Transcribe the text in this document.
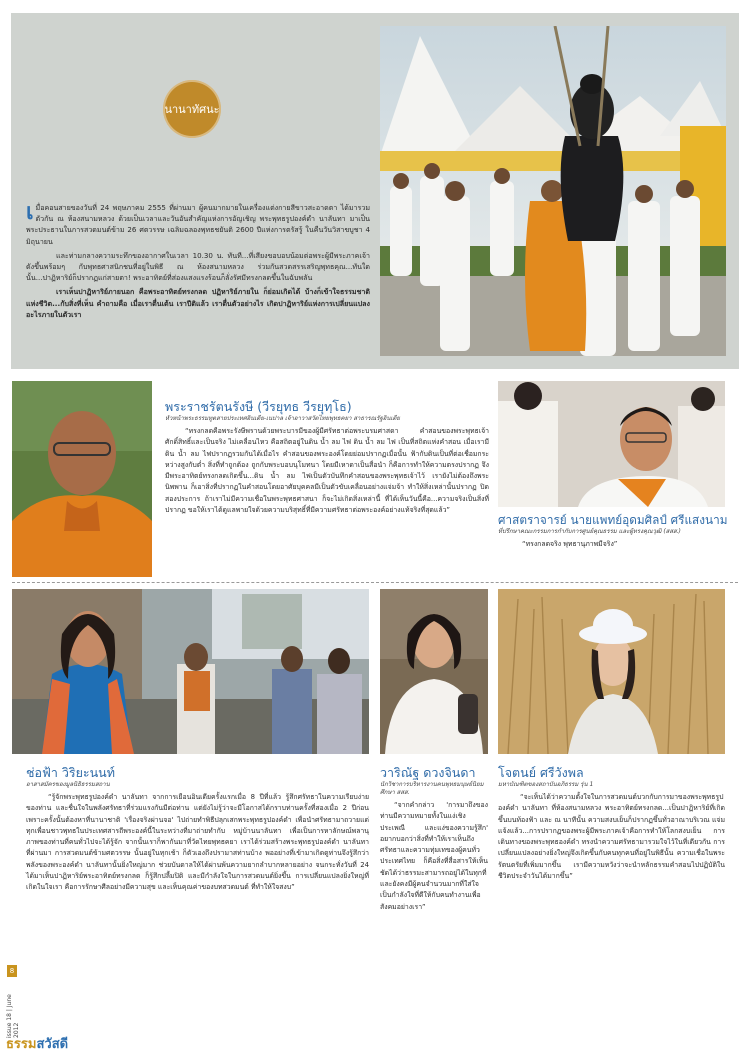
นานาทัศนะ

เมื่อคอนสายของวันที่ 24 พฤษภาคม 2555 ที่ผ่านมา ผู้คนมากมายในเครื่องแต่งกายสีขาวสะอาดตา ได้มารวมตัวกัน ณ ห้องสนามหลวง ด้วยเป็นเวลาและวันอันสำคัญแห่งการอัญเชิญ พระพุทธรูปองค์ดำ นาลันทา มาเป็นพระประธานในการสวดมนต์ข้าม 26 ศตวรรษ เฉลิมฉลองพุทธชยันติ 2600 ปีแห่งการตรัสรู้ ในคืนวันวิสาขบูชา 4 มิถุนายน

และท่ามกลางความระทึกของอากาศในเวลา 10.30 น. ทันที...ที่เสียงขอบอบน้อมต่อพระผู้มีพระภาคเจ้าดังขึ้นพร้อมๆ กับพุทธศาสนิกชนที่อยู่ในพิธี ณ ห้องสนามหลวง ร่วมกันสวดสรรเสริญพุทธคุณ...ทันใดนั้น...ปาฏิหาริย์ก็ปรากฏแก่สายตา! พระอาทิตย์ที่ส่องแสงแรงร้อนก็ลั่งรัศมีทรงกลดขึ้นในฉับพลัน

เราเห็นปาฏิหาริย์ภายนอก คือพระอาทิตย์ทรงกลด ปฏิหาริย์ภายใน ก็ย่อมเกิดได้ บ้างก็เข้าใจธรรมชาติแห่งชีวิต...กับสิ่งที่เห็น คำถามคือ เมื่อเราตื่นเต้น เราปีติแล้ว เราตื่นตัวอย่างไร เกิดปาฏิหาริย์แห่งการเปลี่ยนแปลงอะไรภายในตัวเรา

พระราชรัตนรังษี (วีรยุทธ วีรยุทฺโธ)
หัวหน้าพระธรรมทูตสายประเทศอินเดีย-เนปาล เจ้าอาวาสวัดไทยพุทธคยา สาธารณรัฐอินเดีย

“ทรงกลดคือพระรังษีพรานด้วยพระบารมีของผู้มีศรัทธาต่อพระบรมศาสดา คำสอนของพระพุทธเจ้าศักดิ์สิทธิ์และเป็นจริง ไม่เคลื่อนไหว คือสถิตอยู่ในดิน น้ำ ลม ไฟ ดิน น้ำ ลม ไฟ เป็นที่สถิตแห่งคำสอน เมื่อเรามีดิน น้ำ ลม ไฟปรากฏรวมกันได้เมื่อไร คำสอนของพระองค์โดยย่อมปรากฏเมื่อนั้น ฟ้ากับดินเป็นที่ต่อเชื่อมกระหว่างสูงกับต่ำ สิ่งที่ทำถูกต้อง ถูกกับพระบอบนุโมทนา โดยมีเหาดาเป็นสื่อนำ ก็คือการทำให้ความตรงปรากฏ จึงมีพระอาทิตย์ทรงกลดเกิดขึ้น...ดิน น้ำ ลม ไฟเป็นตัวบันทึกคำสอนของพระพุทธเจ้าไว้ เรายังไม่ต้องถึงพระนิพพาน ก็เอาสิ่งที่ปรากฏในคำสอนโดยอาศัยบุคคลมีเป็นตัวขับเคลื่อนอย่างแจ่มจ้า ทำให้สิ่งเหล่านั้นปรากฏ ปิดสองประการ ถ้าเราไม่มีความเชื่อในพระพุทธศาสนา ก็จะไม่เกิดสิ่งเหล่านี้ ที่ได้เห็นวันนี้คือ...ความจริงเป็นสิ่งที่ปรากฏ ขอให้เราได้ดูแลพายใจด้วยความบริสุทธิ์ที่มีความศรัทธาต่อพระองค์อย่างแท้จริงที่สุดแล้ว”

ศาสตราจารย์ นายแพทย์อุดมศิลป์ ศรีแสงนาม
ที่ปรึกษาคณะกรรมการกำกับการศูนย์คุณธรรม และผู้ทรงคุณวุฒิ (สสส.)

“ทรงกลดจริง พุทธานุภาพมีจริง”

ช่อฟ้า วิริยะนนท์
อาสาสมัครของมูลนิธิธรรมสถาน

“รู้จักพระพุทธรูปองค์ดำ นาลันทา จากการเยือนอินเดียครั้งแรกเมื่อ 8 ปีที่แล้ว รู้สึกศรัทธาในความเรียบง่ายของท่าน และชื่นใจในพลังศรัทธาที่ร่วมแรงกันมีต่อท่าน แต่ยังไม่รู้ว่าจะมีโอกาสได้กราบท่านครั้งที่สองเมื่อ 2 ปีก่อน เพราะครั้งนั้นต้องหาที่นานาชาติ 'เรื่องจริงผ่านจอ' ไปถ่ายทำพิธีปลุกเสกพระพุทธรูปองค์ดำ เพื่อนำศรัทธามาถวายแด่ทุกเพื่อนชาวพุทธในประเทศสารถีพระองค์นี้ในระหว่างที่มาถ่ายทำกับ หมู่บ้านนาลันทา เพื่อเป็นการหาลักษณ์พลานุภาพของท่านที่คนทั่วไปจะได้รู้จัก จากนั้นเราก็พากันมาที่วัดไทยพุทธคยา เราได้ร่วมสร้างพระพุทธรูปองค์ดำ นาลันทา ที่ผ่านมา การสวดมนต์ข้ามศตวรรษ นั้นอยู่ในทุกเช้า ก็ตัวเองถึงปรามาสท่านบ้าง พออย่างที่เข้ามาเกิดดูท่านจึงรู้สึกว่า พลังของพระองค์ดำ นาลันทานั้นยิ่งใหญ่มาก ช่วยบันดาลให้ได้ผ่านพ้นความยากลำบากหลายอย่าง จนกระทั่งวันที่ 24 ได้มาเห็นปาฏิหาริย์พระอาทิตย์ทรงกลด ก็รู้สึกปลื้มปิติ และมีกำลังใจในการสวดมนต์ยิ่งขึ้น การเปลี่ยนแปลงยิ่งใหญ่ที่เกิดในใจเรา คือการรักษาศีลอย่างมีความสุข และเห็นคุณค่าของบทสวดมนต์ ที่ทำให้ใจสงบ”

วาริณัฐ ดวงจินดา
นักวิชาการบริหารงานคนพุทธมนุษย์นิยมศึกษา สสส.

“จากคำกล่าว 'การมาถึงของท่านมีความหมายทั้งในแง่เชิงประเพณี และแง่ของความรู้สึก' อยากบอกว่าสิ่งที่ทำให้เราเห็นถึงศรัทธาและความทุ่มเทของผู้คนทั่วประเทศไทย ก็คือสิ่งที่สื่อสารให้เห็นชัดได้ว่าธรรมะสามารถอยู่ได้ในทุกที่ และยังคงมีผู้คนจำนวนมากที่ใส่ใจ เป็นกำลังใจที่ดีให้กับคนทำงานเพื่อสังคมอย่างเรา”

โจตนย์ ศรีวังพล
มหาบัณฑิตของสถาบันอภิธรรม รุ่น 1

“จะเห็นได้ว่าความตั้งใจในการสวดมนต์บวกกับการมาของพระพุทธรูปองค์ดำ นาลันทา ที่ห้องสนามหลวง พระอาทิตย์ทรงกลด...เป็นปาฏิหาริย์ที่เกิดขึ้นบนท้องฟ้า และ ณ นาทีนั้น ความสงบเย็นก็ปรากฏขึ้นทั่วอาณาบริเวณ แจ่มแจ้งแล้ว...การปรากฏของพระผู้มีพระภาคเจ้าคือการทำให้โลกสงบเย็น การเดินทางของพระพุทธองค์ดำ ทรงนำความศรัทธามารวมใจไว้ในที่เดียวกัน การเปลี่ยนแปลงอย่างยิ่งใหญ่จึงเกิดขึ้นกับคนทุกคนที่อยู่ในพิธีนั้น ความเชื่อในพระรัตนตรัยที่เพิ่มมากขึ้น เรามีความหวังว่าจะนำหลักธรรมคำสอนไปปฏิบัติในชีวิตประจำวันได้มากขึ้น”

8
issue 18 | June 2012
ธรรมสวัสดี
